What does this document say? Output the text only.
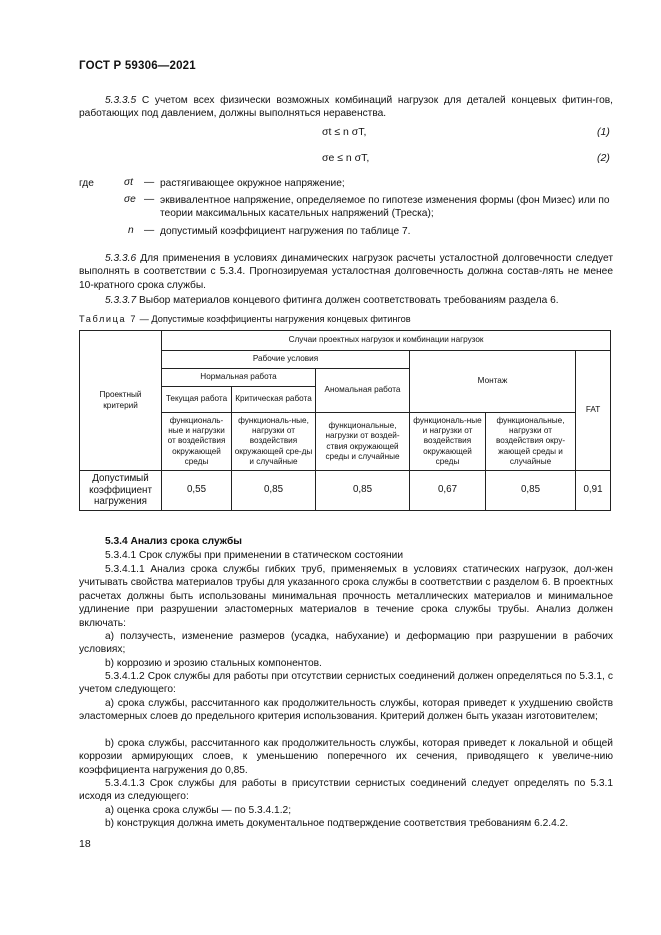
ГОСТ Р 59306—2021
5.3.3.5 С учетом всех физически возможных комбинаций нагрузок для деталей концевых фитин-гов, работающих под давлением, должны выполняться неравенства.
σt ≤ n σT,	(1)
σe ≤ n σT,	(2)
где	σt — растягивающее окружное напряжение;
σe — эквивалентное напряжение, определяемое по гипотезе изменения формы (фон Мизес) или по теории максимальных касательных напряжений (Треска);
n — допустимый коэффициент нагружения по таблице 7.
5.3.3.6 Для применения в условиях динамических нагрузок расчеты усталостной долговечности следует выполнять в соответствии с 5.3.4. Прогнозируемая усталостная долговечность должна состав-лять не менее 10-кратного срока службы.
5.3.3.7 Выбор материалов концевого фитинга должен соответствовать требованиям раздела 6.
Таблица 7 — Допустимые коэффициенты нагружения концевых фитингов
Проектный критерий	Случаи проектных нагрузок и комбинации нагрузок					
	Рабочие условия			Монтаж		FAT
	Нормальная работа		Аномальная работа			
	Текущая работа	Критическая работа				
	функциональ-ные и нагрузки от воздействия окружающей среды	функциональ-ные, нагрузки от воздействия окружающей сре-ды и случайные	функциональные, нагрузки от воздей-ствия окружающей среды и случайные	функциональ-ные и нагрузки от воздействия окружающей среды	функциональные, нагрузки от воздействия окру-жающей среды и случайные	
Допустимый коэффициент нагружения	0,55	0,85	0,85	0,67	0,85	0,91
5.3.4 Анализ срока службы
5.3.4.1 Срок службы при применении в статическом состоянии
5.3.4.1.1 Анализ срока службы гибких труб, применяемых в условиях статических нагрузок, дол-жен учитывать свойства материалов трубы для указанного срока службы в соответствии с разделом 6. В проектных расчетах должны быть использованы минимальная прочность металлических материалов и минимальное удлинение при разрушении эластомерных материалов в течение срока службы трубы. Анализ должен включать:
а) ползучесть, изменение размеров (усадка, набухание) и деформацию при разрушении в рабочих условиях;
b) коррозию и эрозию стальных компонентов.
5.3.4.1.2 Срок службы для работы при отсутствии сернистых соединений должен определяться по 5.3.1, с учетом следующего:
а) срока службы, рассчитанного как продолжительность службы, которая приведет к ухудшению свойств эластомерных слоев до предельного критерия использования. Критерий должен быть указан изготовителем;
b) срока службы, рассчитанного как продолжительность службы, которая приведет к локальной и общей коррозии армирующих слоев, к уменьшению поперечного их сечения, приводящего к увеличе-нию коэффициента нагружения до 0,85.
5.3.4.1.3 Срок службы для работы в присутствии сернистых соединений следует определять по 5.3.1 исходя из следующего:
а) оценка срока службы — по 5.3.4.1.2;
b) конструкция должна иметь документальное подтверждение соответствия требованиям 6.2.4.2.
18
